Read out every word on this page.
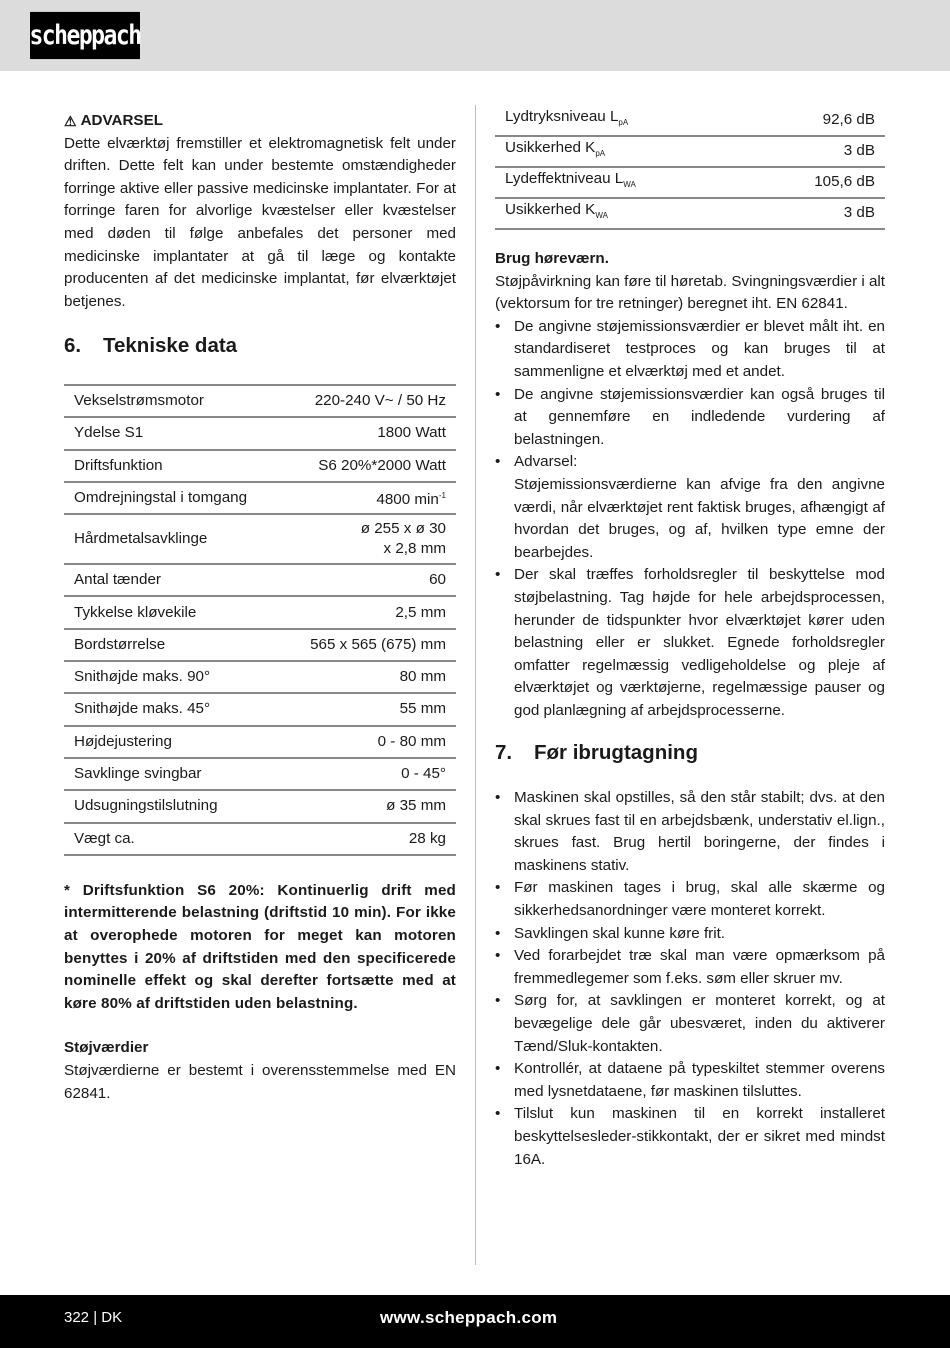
scheppach
⚠ ADVARSEL

Dette elværktøj fremstiller et elektromagnetisk felt under driften. Dette felt kan under bestemte omstændigheder forringe aktive eller passive medicinske implantater. For at forringe faren for alvorlige kvæstelser eller kvæstelser med døden til følge anbefales det personer med medicinske implantater at gå til læge og kontakte producenten af det medicinske implantat, før elværktøjet betjenes.

6.	Tekniske data
Vekselstrømsmotor	220-240 V~ / 50 Hz
Ydelse S1	1800 Watt
Driftsfunktion	S6 20%*2000 Watt
Omdrejningstal i tomgang	4800 $\min^{-1}$
Hårdmetalsavklinge	ø 255 x ø 30 x 2,8 mm
Antal tænder	60
Tykkelse kløvekile	2,5 mm
Bordstørrelse	565 x 565 (675) mm
Snithøjde maks. 90°	80 mm
Snithøjde maks. 45°	55 mm
Højdejustering	0 - 80 mm
Savklinge svingbar	0 - 45°
Udsugningstilslutning	ø 35 mm
Vægt ca.	28 kg

* Driftsfunktion S6 20%: Kontinuerlig drift med intermitterende belastning (driftstid 10 min). For ikke at overophede motoren for meget kan motoren benyttes i 20% af driftstiden med den specificerede nominelle effekt og skal derefter fortsætte med at køre 80% af driftstiden uden belastning.

Støjværdier

Støjværdierne er bestemt i overensstemmelse med EN 62841.

Lydtryksniveau $L_{pA}$	92,6 dB
Usikkerhed $K_{pA}$	3 dB
Lydeffektniveau $L_{WA}$	105,6 dB
Usikkerhed $K_{WA}$	3 dB

Brug høreværn.

Støjpåvirkning kan føre til høretab. Svingningsværdier i alt (vektorsum for tre retninger) beregnet iht. EN 62841.

• De angivne støjemissionsværdier er blevet målt iht. en standardiseret testproces og kan bruges til at sammenligne et elværktøj med et andet.
• De angivne støjemissionsværdier kan også bruges til at gennemføre en indledende vurdering af belastningen.
• Advarsel:

Støjemissionsværdierne kan afvige fra den angivne værdi, når elværktøjet rent faktisk bruges, afhængigt af hvordan det bruges, og af, hvilken type emne der bearbejdes.
• Der skal træffes forholdsregler til beskyttelse mod støjbelastning. Tag højde for hele arbejdsprocessen, herunder de tidspunkter hvor elværktøjet kører uden belastning eller er slukket. Egnede forholdsregler omfatter regelmæssig vedligeholdelse og pleje af elværktøjet og værktøjerne, regelmæssige pauser og god planlægning af arbejdsprocesserne.
7.	Før ibrugtagning
• Maskinen skal opstilles, så den står stabilt; dvs. at den skal skrues fast til en arbejdsbænk, understativ el.lign., skrues fast. Brug hertil boringerne, der findes i maskinens stativ.
• Før maskinen tages i brug, skal alle skærme og sikkerhedsanordninger være monteret korrekt.
• Savklingen skal kunne køre frit.
• Ved forarbejdet træ skal man være opmærksom på fremmedlegemer som f.eks. søm eller skruer mv.
• Sørg for, at savklingen er monteret korrekt, og at bevægelige dele går ubesværet, inden du aktiverer Tænd/Sluk-kontakten.
• Kontrollér, at dataene på typeskiltet stemmer overens med lysnetdataene, før maskinen tilsluttes.
• Tilslut kun maskinen til en korrekt installeret beskyttelsesleder-stikkontakt, der er sikret med mindst 16A.
322 | DK	www.scheppach.com
